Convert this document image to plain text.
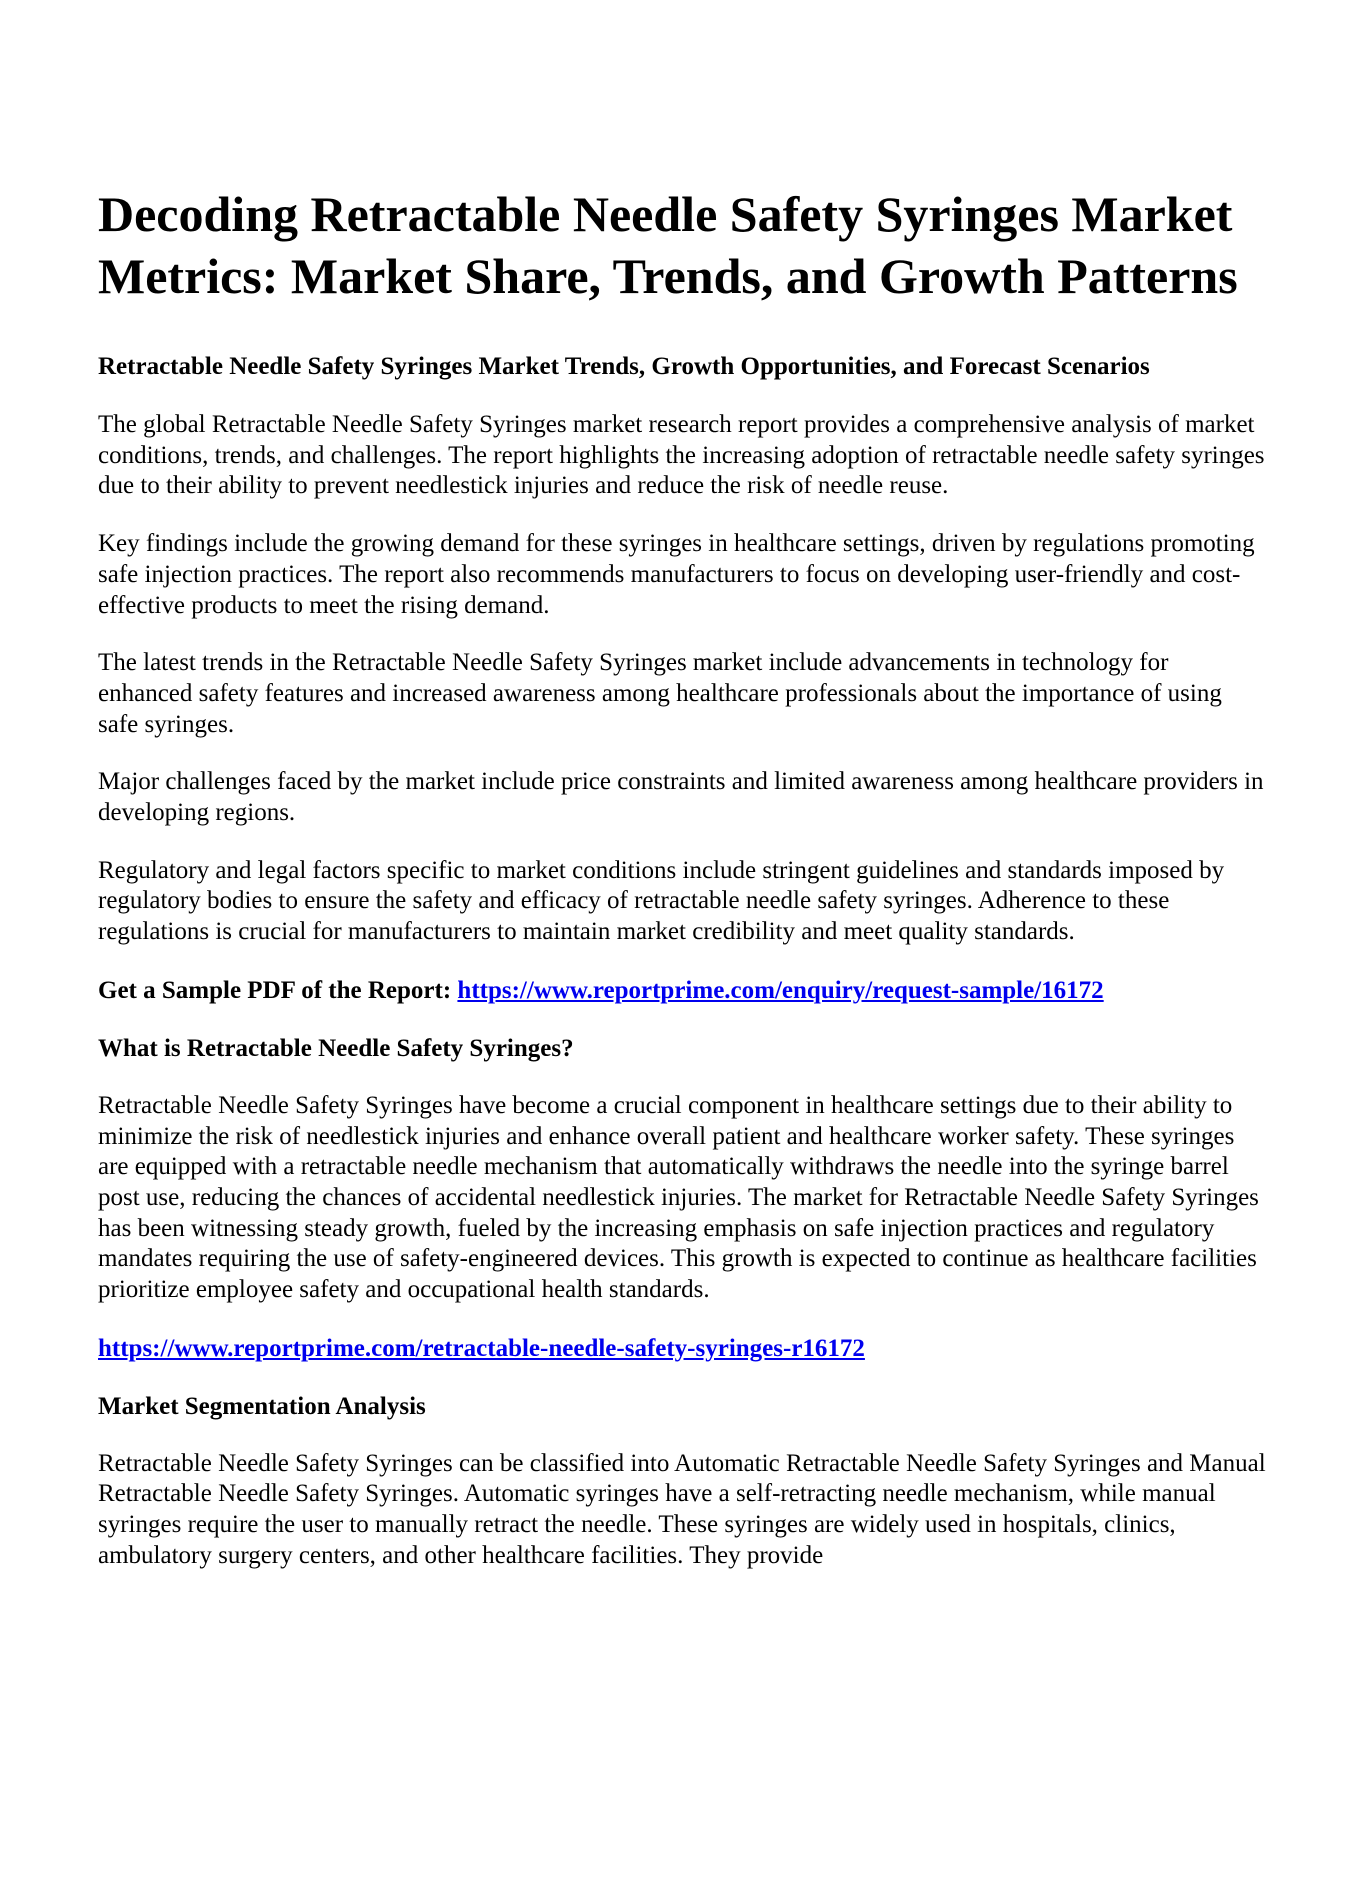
Decoding Retractable Needle Safety Syringes Market Metrics: Market Share, Trends, and Growth Patterns
Retractable Needle Safety Syringes Market Trends, Growth Opportunities, and Forecast Scenarios

The global Retractable Needle Safety Syringes market research report provides a comprehensive analysis of market conditions, trends, and challenges. The report highlights the increasing adoption of retractable needle safety syringes due to their ability to prevent needlestick injuries and reduce the risk of needle reuse.

Key findings include the growing demand for these syringes in healthcare settings, driven by regulations promoting safe injection practices. The report also recommends manufacturers to focus on developing user-friendly and cost-effective products to meet the rising demand.

The latest trends in the Retractable Needle Safety Syringes market include advancements in technology for enhanced safety features and increased awareness among healthcare professionals about the importance of using safe syringes.

Major challenges faced by the market include price constraints and limited awareness among healthcare providers in developing regions.

Regulatory and legal factors specific to market conditions include stringent guidelines and standards imposed by regulatory bodies to ensure the safety and efficacy of retractable needle safety syringes. Adherence to these regulations is crucial for manufacturers to maintain market credibility and meet quality standards.

Get a Sample PDF of the Report: https://www.reportprime.com/enquiry/request-sample/16172
What is Retractable Needle Safety Syringes?

Retractable Needle Safety Syringes have become a crucial component in healthcare settings due to their ability to minimize the risk of needlestick injuries and enhance overall patient and healthcare worker safety. These syringes are equipped with a retractable needle mechanism that automatically withdraws the needle into the syringe barrel post use, reducing the chances of accidental needlestick injuries. The market for Retractable Needle Safety Syringes has been witnessing steady growth, fueled by the increasing emphasis on safe injection practices and regulatory mandates requiring the use of safety-engineered devices. This growth is expected to continue as healthcare facilities prioritize employee safety and occupational health standards.

https://www.reportprime.com/retractable-needle-safety-syringes-r16172
Market Segmentation Analysis

Retractable Needle Safety Syringes can be classified into Automatic Retractable Needle Safety Syringes and Manual Retractable Needle Safety Syringes. Automatic syringes have a self-retracting needle mechanism, while manual syringes require the user to manually retract the needle. These syringes are widely used in hospitals, clinics, ambulatory surgery centers, and other healthcare facilities. They provide
